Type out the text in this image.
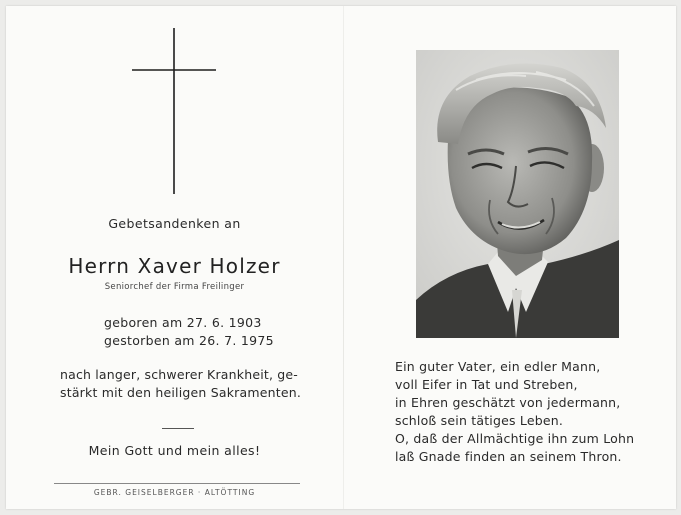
Gebetsandenken an
Herrn Xaver Holzer
Seniorchef der Firma Freilinger
geboren am 27. 6. 1903
gestorben am 26. 7. 1975
nach langer, schwerer Krankheit, ge-
stärkt mit den heiligen Sakramenten.
Mein Gott und mein alles!
GEBR. GEISELBERGER · ALTÖTTING
Ein guter Vater, ein edler Mann,
voll Eifer in Tat und Streben,
in Ehren geschätzt von jedermann,
schloß sein tätiges Leben.
O, daß der Allmächtige ihn zum Lohn
laß Gnade finden an seinem Thron.
